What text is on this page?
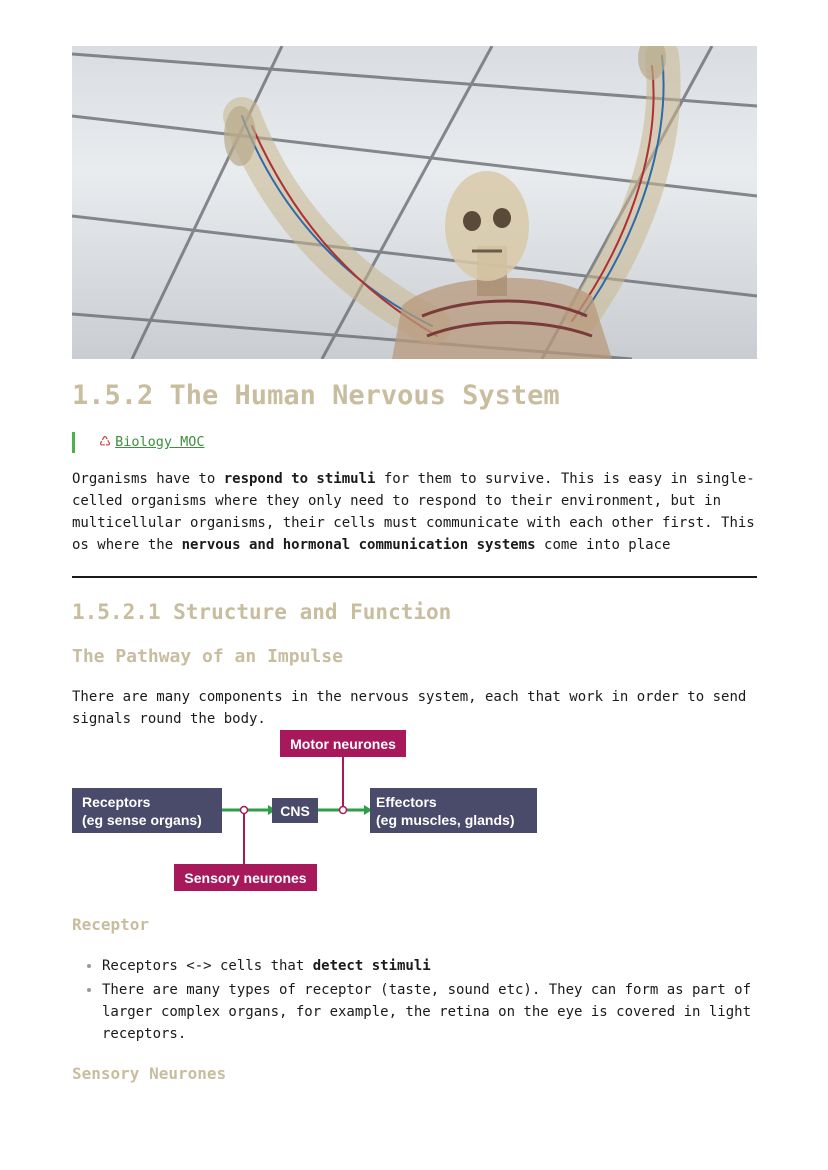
1.5.2 The Human Nervous System
♺ Biology MOC

Organisms have to respond to stimuli for them to survive. This is easy in single-celled organisms where they only need to respond to their environment, but in multicellular organisms, their cells must communicate with each other first. This os where the nervous and hormonal communication systems come into place

1.5.2.1 Structure and Function
The Pathway of an Impulse

There are many components in the nervous system, each that work in order to send signals round the body.

Motor neurones
Receptors
(eg sense organs)
CNS
Effectors
(eg muscles, glands)
Sensory neurones
Receptor
• Receptors <-> cells that detect stimuli
• There are many types of receptor (taste, sound etc). They can form as part of larger complex organs, for example, the retina on the eye is covered in light receptors.
Sensory Neurones
